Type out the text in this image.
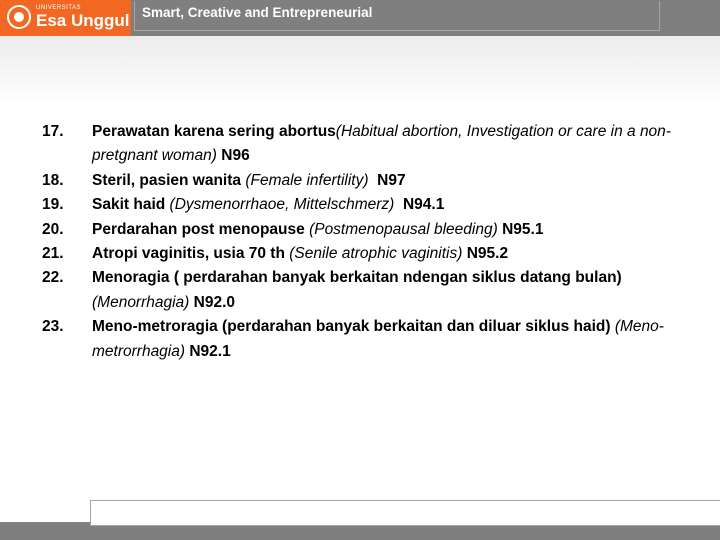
Smart, Creative and Entrepreneurial
UNIVERSITAS
Esa Unggul
17.	Perawatan karena sering abortus(Habitual abortion, Investigation or care in a non-pretgnant woman) N96
18.	Steril, pasien wanita (Female infertility) N97
19.	Sakit haid (Dysmenorrhaoe, Mittelschmerz) N94.1
20.	Perdarahan post menopause (Postmenopausal bleeding) N95.1
21.	Atropi vaginitis, usia 70 th (Senile atrophic vaginitis) N95.2
22.	Menoragia ( perdarahan banyak berkaitan ndengan siklus datang bulan) (Menorrhagia) N92.0
23.	Meno-metroragia (perdarahan banyak berkaitan dan diluar siklus haid) (Meno-metrorrhagia) N92.1
